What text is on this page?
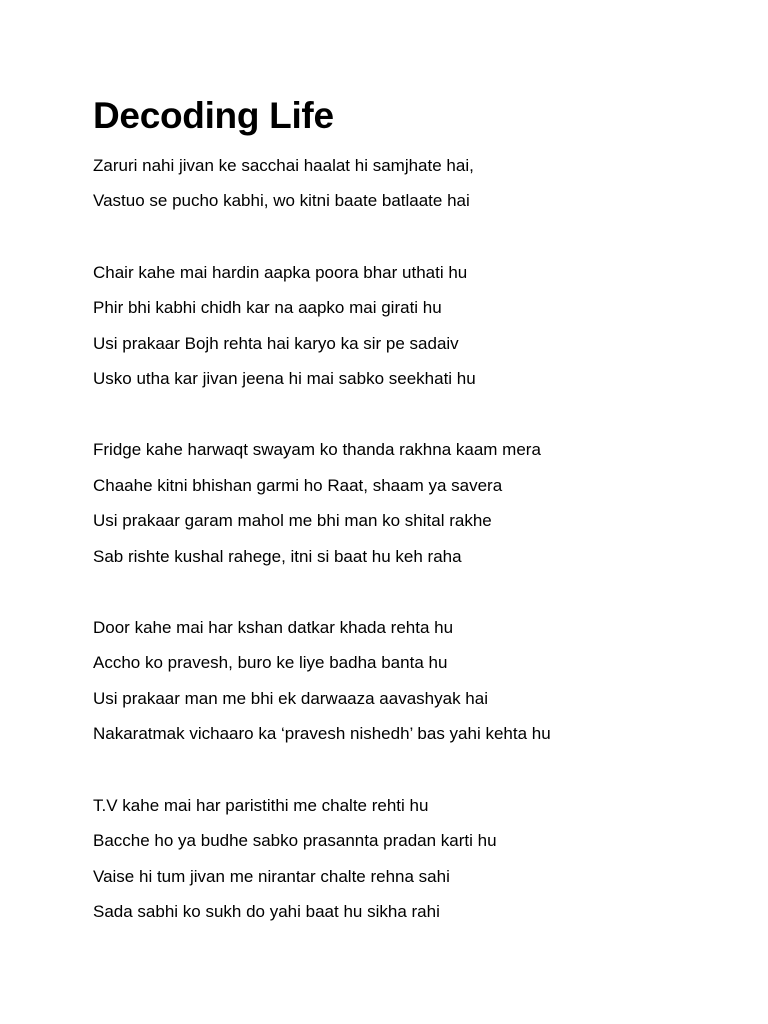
Decoding Life
Zaruri nahi jivan ke sacchai haalat hi samjhate hai,
Vastuo se pucho kabhi, wo kitni baate batlaate hai
Chair kahe mai hardin aapka poora bhar uthati hu
Phir bhi kabhi chidh kar na aapko mai girati hu
Usi prakaar Bojh rehta hai karyo ka sir pe sadaiv
Usko utha kar jivan jeena hi mai sabko seekhati hu
Fridge kahe harwaqt swayam ko thanda rakhna kaam mera
Chaahe kitni bhishan garmi ho Raat, shaam ya savera
Usi prakaar garam mahol me bhi man ko shital rakhe
Sab rishte kushal rahege, itni si baat hu keh raha
Door kahe mai har kshan datkar khada rehta hu
Accho ko pravesh, buro ke liye badha banta hu
Usi prakaar man me bhi ek darwaaza aavashyak hai
Nakaratmak vichaaro ka ‘pravesh nishedh’ bas yahi kehta hu
T.V kahe mai har paristithi me chalte rehti hu
Bacche ho ya budhe sabko prasannta pradan karti hu
Vaise hi tum jivan me nirantar chalte rehna sahi
Sada sabhi ko sukh do yahi baat hu sikha rahi
